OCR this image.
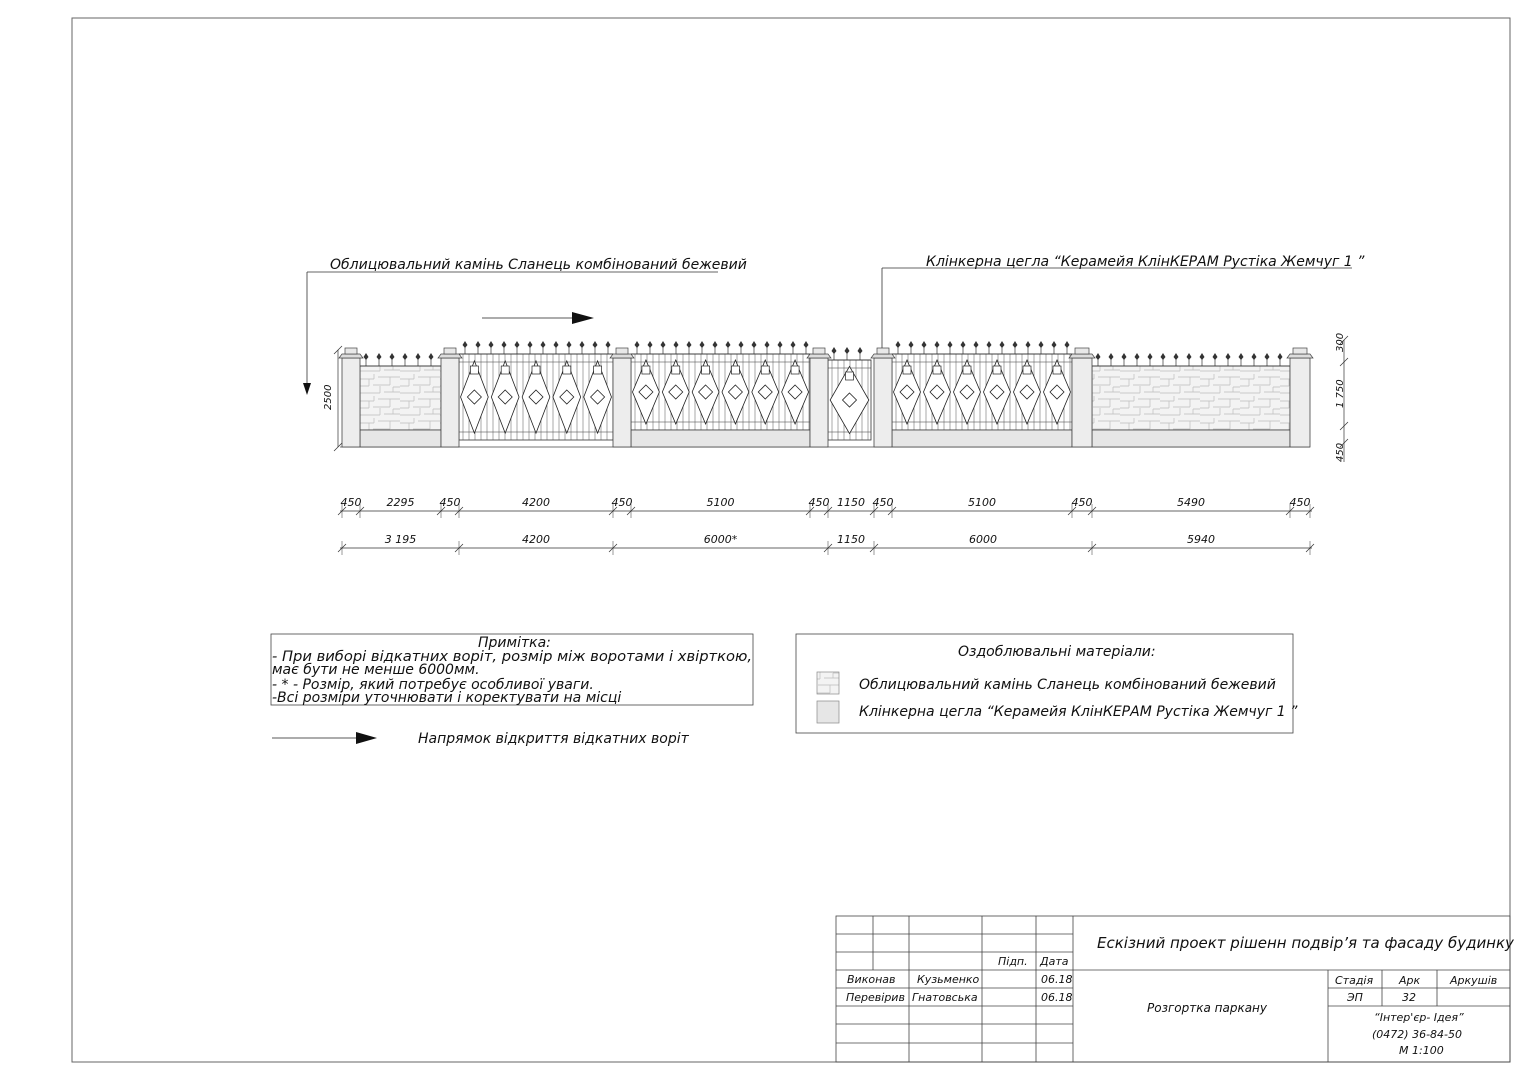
Облицювальний камінь Сланець комбінований бежевий	Клінкерна цегла “Керамейя КлінКЕРАМ Рустіка Жемчуг 1 ”
2500
300
1 750
450
450 2295 450	4200	450	5100	450 1150 450	5100	450	5490	450
3 195	4200	6000*	1150	6000	5940
Примітка:
- При виборі відкатних воріт, розмір між воротами і хвірткою,
має бути не менше 6000мм.
- * - Розмір, який потребує особливої уваги.
-Всі розміри уточнювати і коректувати на місці
Напрямок відкриття відкатних воріт
Оздоблювальні матеріали:
Облицювальний камінь Сланець комбінований бежевий
Клінкерна цегла “Керамейя КлінКЕРАМ Рустіка Жемчуг 1 ”
Ескізний проект рішенн подвір’я та фасаду будинку
Розгортка паркану
Підп. Дата
Виконав Кузьменко	06.18
Перевірив Гнатовська	06.18
Стадія Арк	Аркушів
ЭП	32
“Інтер'єр- Ідея”
(0472) 36-84-50
М 1:100
